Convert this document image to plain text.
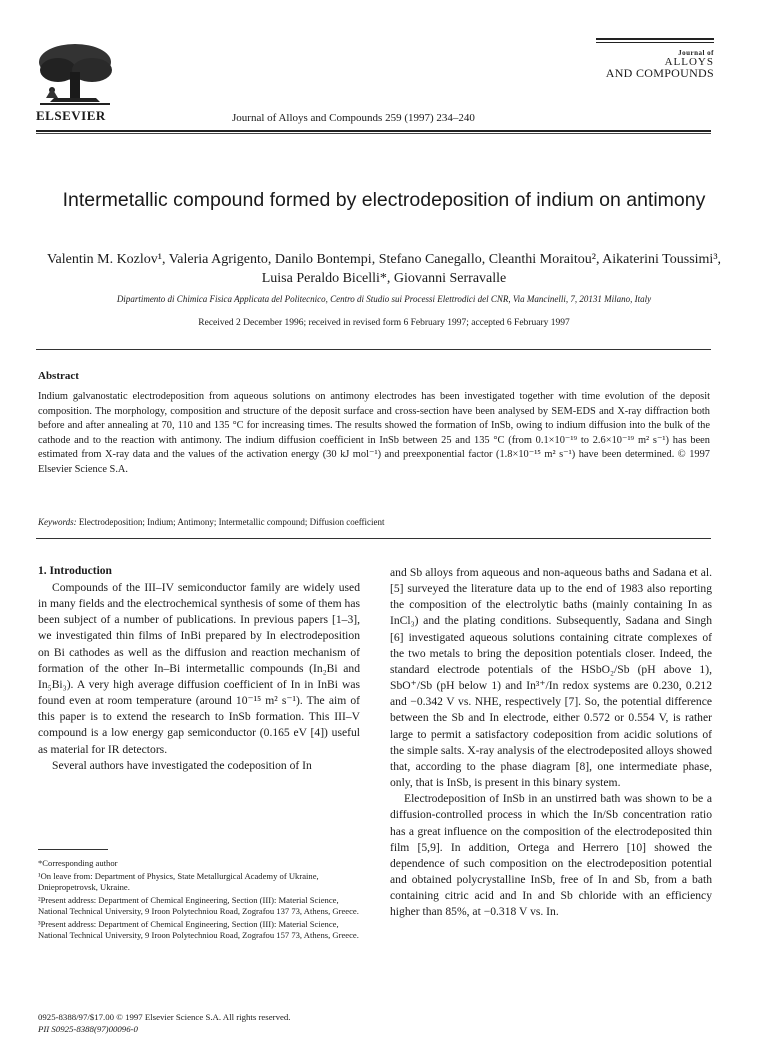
ELSEVIER	Journal of Alloys and Compounds 259 (1997) 234–240
Journal of
ALLOYS
AND COMPOUNDS
Intermetallic compound formed by electrodeposition of indium on antimony
Valentin M. Kozlov¹, Valeria Agrigento, Danilo Bontempi, Stefano Canegallo, Cleanthi Moraitou², Aikaterini Toussimi³, Luisa Peraldo Bicelli*, Giovanni Serravalle
Dipartimento di Chimica Fisica Applicata del Politecnico, Centro di Studio sui Processi Elettrodici del CNR, Via Mancinelli, 7, 20131 Milano, Italy
Received 2 December 1996; received in revised form 6 February 1997; accepted 6 February 1997
Abstract
Indium galvanostatic electrodeposition from aqueous solutions on antimony electrodes has been investigated together with time evolution of the deposit composition. The morphology, composition and structure of the deposit surface and cross-section have been analysed by SEM-EDS and X-ray diffraction both before and after annealing at 70, 110 and 135 °C for increasing times. The results showed the formation of InSb, owing to indium diffusion into the bulk of the cathode and to the reaction with antimony. The indium diffusion coefficient in InSb between 25 and 135 °C (from 0.1×10⁻¹⁹ to 2.6×10⁻¹⁹ m² s⁻¹) has been estimated from X-ray data and the values of the activation energy (30 kJ mol⁻¹) and preexponential factor (1.8×10⁻¹⁵ m² s⁻¹) have been determined. © 1997 Elsevier Science S.A.
Keywords: Electrodeposition; Indium; Antimony; Intermetallic compound; Diffusion coefficient
1. Introduction

Compounds of the III–IV semiconductor family are widely used in many fields and the electrochemical synthesis of some of them has been subject of a number of publications. In previous papers [1–3], we investigated thin films of InBi prepared by In electrodeposition on Bi cathodes as well as the diffusion and reaction mechanism of formation of the other In–Bi intermetallic compounds (In₂Bi and In₅Bi₃). A very high average diffusion coefficient of In in InBi was found even at room temperature (around 10⁻¹⁵ m² s⁻¹). The aim of this paper is to extend the research to InSb formation. This III–V compound is a low energy gap semiconductor (0.165 eV [4]) useful as material for IR detectors.

Several authors have investigated the codeposition of In

and Sb alloys from aqueous and non-aqueous baths and Sadana et al. [5] surveyed the literature data up to the end of 1983 also reporting the composition of the electrolytic baths (mainly containing In as InCl₃) and the plating conditions. Subsequently, Sadana and Singh [6] investigated aqueous solutions containing citrate complexes of the two metals to bring the deposition potentials closer. Indeed, the standard electrode potentials of the HSbO₂/Sb (pH above 1), SbO⁺/Sb (pH below 1) and In³⁺/In redox systems are 0.230, 0.212 and −0.342 V vs. NHE, respectively [7]. So, the potential difference between the Sb and In electrode, either 0.572 or 0.554 V, is rather large to permit a satisfactory codeposition from acidic solutions of the simple salts. X-ray analysis of the electrodeposited alloys showed that, according to the phase diagram [8], one intermediate phase, only, that is InSb, is present in this binary system.

Electrodeposition of InSb in an unstirred bath was shown to be a diffusion-controlled process in which the In/Sb concentration ratio has a great influence on the composition of the electrodeposited thin film [5,9]. In addition, Ortega and Herrero [10] showed the dependence of such composition on the electrodeposition potential and obtained polycrystalline InSb, free of In and Sb, from a bath containing citric acid and In and Sb chloride with an efficiency higher than 85%, at −0.318 V vs. In.

*Corresponding author
¹On leave from: Department of Physics, State Metallurgical Academy of Ukraine, Dniepropetrovsk, Ukraine.
²Present address: Department of Chemical Engineering, Section (III): Material Science, National Technical University, 9 Iroon Polytechniou Road, Zografou 137 73, Athens, Greece.
³Present address: Department of Chemical Engineering, Section (III): Material Science, National Technical University, 9 Iroon Polytechniou Road, Zografou 157 73, Athens, Greece.
0925-8388/97/$17.00 © 1997 Elsevier Science S.A. All rights reserved.
PII S0925-8388(97)00096-0
